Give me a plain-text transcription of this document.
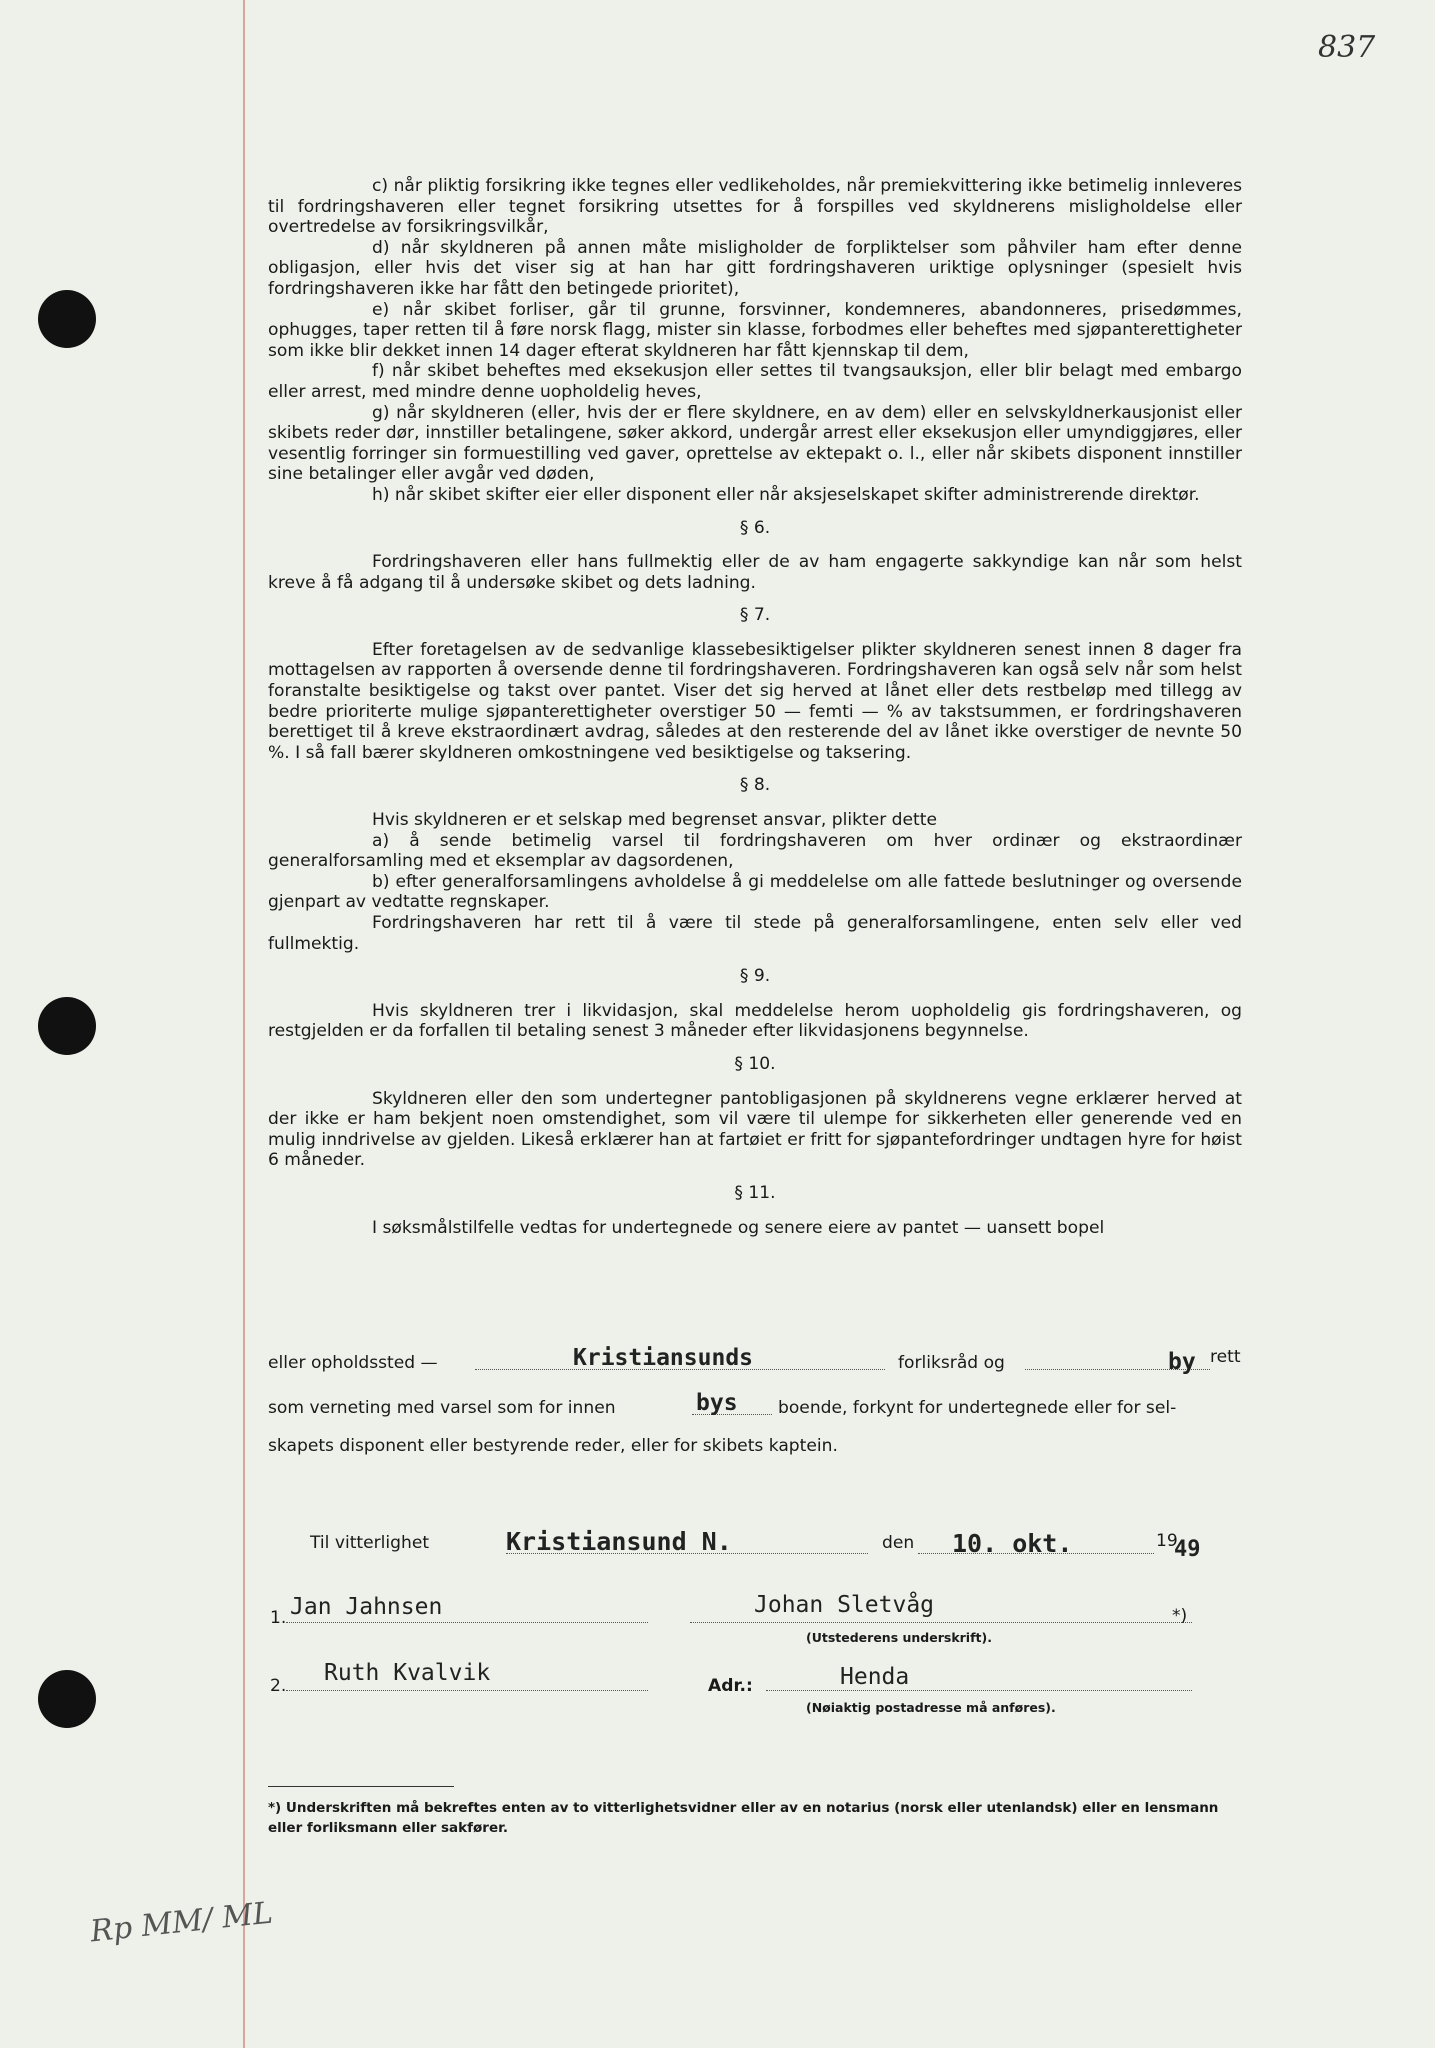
837

c) når pliktig forsikring ikke tegnes eller vedlikeholdes, når premiekvittering ikke betimelig innleveres til fordringshaveren eller tegnet forsikring utsettes for å forspilles ved skyldnerens misligholdelse eller overtredelse av forsikringsvilkår,

d) når skyldneren på annen måte misligholder de forpliktelser som påhviler ham efter denne obligasjon, eller hvis det viser sig at han har gitt fordringshaveren uriktige oplysninger (spesielt hvis fordringshaveren ikke har fått den betingede prioritet),

e) når skibet forliser, går til grunne, forsvinner, kondemneres, abandonneres, prisedømmes, ophugges, taper retten til å føre norsk flagg, mister sin klasse, forbodmes eller beheftes med sjøpanterettigheter som ikke blir dekket innen 14 dager efterat skyldneren har fått kjennskap til dem,

f) når skibet beheftes med eksekusjon eller settes til tvangsauksjon, eller blir belagt med embargo eller arrest, med mindre denne uopholdelig heves,

g) når skyldneren (eller, hvis der er flere skyldnere, en av dem) eller en selvskyldnerkausjonist eller skibets reder dør, innstiller betalingene, søker akkord, undergår arrest eller eksekusjon eller umyndiggjøres, eller vesentlig forringer sin formuestilling ved gaver, oprettelse av ektepakt o. l., eller når skibets disponent innstiller sine betalinger eller avgår ved døden,

h) når skibet skifter eier eller disponent eller når aksjeselskapet skifter administrerende direktør.

§ 6.

Fordringshaveren eller hans fullmektig eller de av ham engagerte sakkyndige kan når som helst kreve å få adgang til å undersøke skibet og dets ladning.

§ 7.

Efter foretagelsen av de sedvanlige klassebesiktigelser plikter skyldneren senest innen 8 dager fra mottagelsen av rapporten å oversende denne til fordringshaveren. Fordringshaveren kan også selv når som helst foranstalte besiktigelse og takst over pantet. Viser det sig herved at lånet eller dets restbeløp med tillegg av bedre prioriterte mulige sjøpanterettigheter overstiger 50 — femti — % av takstsummen, er fordringshaveren berettiget til å kreve ekstraordinært avdrag, således at den resterende del av lånet ikke overstiger de nevnte 50 %. I så fall bærer skyldneren omkostningene ved besiktigelse og taksering.

§ 8.

Hvis skyldneren er et selskap med begrenset ansvar, plikter dette

a) å sende betimelig varsel til fordringshaveren om hver ordinær og ekstraordinær generalforsamling med et eksemplar av dagsordenen,

b) efter generalforsamlingens avholdelse å gi meddelelse om alle fattede beslutninger og oversende gjenpart av vedtatte regnskaper.

Fordringshaveren har rett til å være til stede på generalforsamlingene, enten selv eller ved fullmektig.

§ 9.

Hvis skyldneren trer i likvidasjon, skal meddelelse herom uopholdelig gis fordringshaveren, og restgjelden er da forfallen til betaling senest 3 måneder efter likvidasjonens begynnelse.

§ 10.

Skyldneren eller den som undertegner pantobligasjonen på skyldnerens vegne erklærer herved at der ikke er ham bekjent noen omstendighet, som vil være til ulempe for sikkerheten eller generende ved en mulig inndrivelse av gjelden. Likeså erklærer han at fartøiet er fritt for sjøpantefordringer undtagen hyre for høist 6 måneder.

§ 11.

I søksmålstilfelle vedtas for undertegnede og senere eiere av pantet — uansett bopel

eller opholdssted —	Kristiansunds	forliksråd og	by rett
som verneting med varsel som for innen	bys boende, forkynt for undertegnede eller for sel-
skapets disponent eller bestyrende reder, eller for skibets kaptein.
Til vitterlighet	Kristiansund N.	den 10. okt.	19
49
1. Jan Jahnsen	Johan Sletvåg	*)
(Utstederens underskrift).
2. Ruth Kvalvik	Adr.:	Henda
(Nøiaktig postadresse må anføres).
*) Underskriften må bekreftes enten av to vitterlighetsvidner eller av en notarius (norsk eller utenlandsk) eller en lensmann eller forliksmann eller sakfører.
Rp MM/ ML
